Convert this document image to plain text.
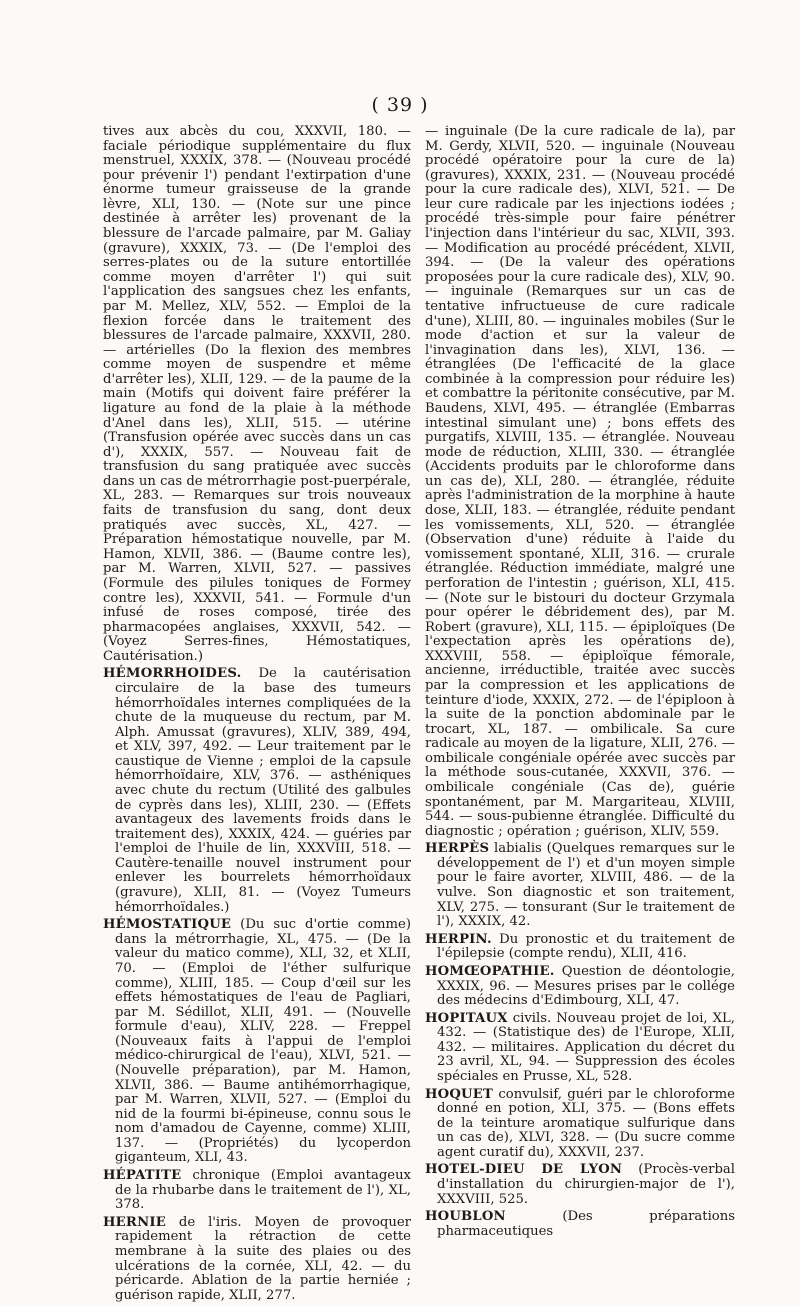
( 39 )

tives aux abcès du cou, XXXVII, 180. — faciale périodique supplémentaire du flux menstruel, XXXIX, 378. — (Nouveau procédé pour prévenir l') pendant l'extirpation d'une énorme tumeur graisseuse de la grande lèvre, XLI, 130. — (Note sur une pince destinée à arrêter les) provenant de la blessure de l'arcade palmaire, par M. Galiay (gravure), XXXIX, 73. — (De l'emploi des serres-plates ou de la suture entortillée comme moyen d'arrêter l') qui suit l'application des sangsues chez les enfants, par M. Mellez, XLV, 552. — Emploi de la flexion forcée dans le traitement des blessures de l'arcade palmaire, XXXVII, 280. — artérielles (Do la flexion des membres comme moyen de suspendre et même d'arrêter les), XLII, 129. — de la paume de la main (Motifs qui doivent faire préférer la ligature au fond de la plaie à la méthode d'Anel dans les), XLII, 515. — utérine (Transfusion opérée avec succès dans un cas d'), XXXIX, 557. — Nouveau fait de transfusion du sang pratiquée avec succès dans un cas de métrorrhagie post-puerpérale, XL, 283. — Remarques sur trois nouveaux faits de transfusion du sang, dont deux pratiqués avec succès, XL, 427. — Préparation hémostatique nouvelle, par M. Hamon, XLVII, 386. — (Baume contre les), par M. Warren, XLVII, 527. — passives (Formule des pilules toniques de Formey contre les), XXXVII, 541. — Formule d'un infusé de roses composé, tirée des pharmacopées anglaises, XXXVII, 542. — (Voyez Serres-fines, Hémostatiques, Cautérisation.)

HÉMORRHOIDES. De la cautérisation circulaire de la base des tumeurs hémorrhoïdales internes compliquées de la chute de la muqueuse du rectum, par M. Alph. Amussat (gravures), XLIV, 389, 494, et XLV, 397, 492. — Leur traitement par le caustique de Vienne ; emploi de la capsule hémorrhoïdaire, XLV, 376. — asthéniques avec chute du rectum (Utilité des galbules de cyprès dans les), XLIII, 230. — (Effets avantageux des lavements froids dans le traitement des), XXXIX, 424. — guéries par l'emploi de l'huile de lin, XXXVIII, 518. — Cautère-tenaille nouvel instrument pour enlever les bourrelets hémorrhoïdaux (gravure), XLII, 81. — (Voyez Tumeurs hémorrhoïdales.)

HÉMOSTATIQUE (Du suc d'ortie comme) dans la métrorrhagie, XL, 475. — (De la valeur du matico comme), XLI, 32, et XLII, 70. — (Emploi de l'éther sulfurique comme), XLIII, 185. — Coup d'œil sur les effets hémostatiques de l'eau de Pagliari, par M. Sédillot, XLII, 491. — (Nouvelle formule d'eau), XLIV, 228. — Freppel (Nouveaux faits à l'appui de l'emploi médico-chirurgical de l'eau), XLVI, 521. — (Nouvelle préparation), par M. Hamon, XLVII, 386. — Baume antihémorrhagique, par M. Warren, XLVII, 527. — (Emploi du nid de la fourmi bi-épineuse, connu sous le nom d'amadou de Cayenne, comme) XLIII, 137. — (Propriétés) du lycoperdon giganteum, XLI, 43.

HÉPATITE chronique (Emploi avantageux de la rhubarbe dans le traitement de l'), XL, 378.

HERNIE de l'iris. Moyen de provoquer rapidement la rétraction de cette membrane à la suite des plaies ou des ulcérations de la cornée, XLI, 42. — du péricarde. Ablation de la partie herniée ; guérison rapide, XLII, 277.

— inguinale (De la cure radicale de la), par M. Gerdy, XLVII, 520. — inguinale (Nouveau procédé opératoire pour la cure de la) (gravures), XXXIX, 231. — (Nouveau procédé pour la cure radicale des), XLVI, 521. — De leur cure radicale par les injections iodées ; procédé très-simple pour faire pénétrer l'injection dans l'intérieur du sac, XLVII, 393. — Modification au procédé précédent, XLVII, 394. — (De la valeur des opérations proposées pour la cure radicale des), XLV, 90. — inguinale (Remarques sur un cas de tentative infructueuse de cure radicale d'une), XLIII, 80. — inguinales mobiles (Sur le mode d'action et sur la valeur de l'invagination dans les), XLVI, 136. — étranglées (De l'efficacité de la glace combinée à la compression pour réduire les) et combattre la péritonite consécutive, par M. Baudens, XLVI, 495. — étranglée (Embarras intestinal simulant une) ; bons effets des purgatifs, XLVIII, 135. — étranglée. Nouveau mode de réduction, XLIII, 330. — étranglée (Accidents produits par le chloroforme dans un cas de), XLI, 280. — étranglée, réduite après l'administration de la morphine à haute dose, XLII, 183. — étranglée, réduite pendant les vomissements, XLI, 520. — étranglée (Observation d'une) réduite à l'aide du vomissement spontané, XLII, 316. — crurale étranglée. Réduction immédiate, malgré une perforation de l'intestin ; guérison, XLI, 415. — (Note sur le bistouri du docteur Grzymala pour opérer le débridement des), par M. Robert (gravure), XLI, 115. — épiploïques (De l'expectation après les opérations de), XXXVIII, 558. — épiploïque fémorale, ancienne, irréductible, traitée avec succès par la compression et les applications de teinture d'iode, XXXIX, 272. — de l'épiploon à la suite de la ponction abdominale par le trocart, XL, 187. — ombilicale. Sa cure radicale au moyen de la ligature, XLII, 276. — ombilicale congéniale opérée avec succès par la méthode sous-cutanée, XXXVII, 376. — ombilicale congéniale (Cas de), guérie spontanément, par M. Margariteau, XLVIII, 544. — sous-pubienne étranglée. Difficulté du diagnostic ; opération ; guérison, XLIV, 559.

HERPÈS labialis (Quelques remarques sur le développement de l') et d'un moyen simple pour le faire avorter, XLVIII, 486. — de la vulve. Son diagnostic et son traitement, XLV, 275. — tonsurant (Sur le traitement de l'), XXXIX, 42.

HERPIN. Du pronostic et du traitement de l'épilepsie (compte rendu), XLII, 416.

HOMŒOPATHIE. Question de déontologie, XXXIX, 96. — Mesures prises par le collége des médecins d'Edimbourg, XLI, 47.

HOPITAUX civils. Nouveau projet de loi, XL, 432. — (Statistique des) de l'Europe, XLII, 432. — militaires. Application du décret du 23 avril, XL, 94. — Suppression des écoles spéciales en Prusse, XL, 528.

HOQUET convulsif, guéri par le chloroforme donné en potion, XLI, 375. — (Bons effets de la teinture aromatique sulfurique dans un cas de), XLVI, 328. — (Du sucre comme agent curatif du), XXXVII, 237.

HOTEL-DIEU DE LYON (Procès-verbal d'installation du chirurgien-major de l'), XXXVIII, 525.

HOUBLON	(Des préparations pharmaceutiques
